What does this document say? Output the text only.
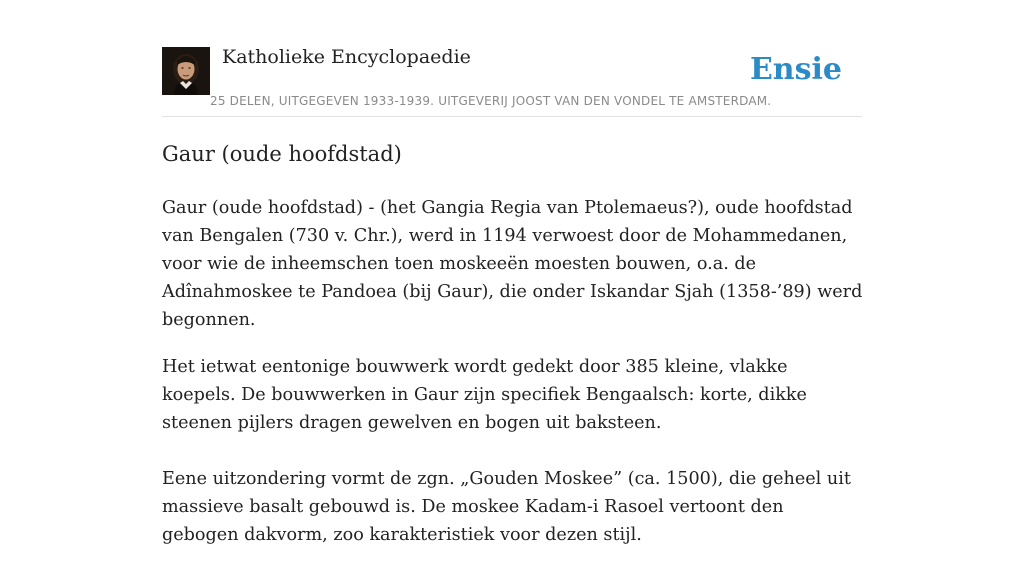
Katholieke Encyclopaedie	Ensie
25 DELEN, UITGEGEVEN 1933-1939. UITGEVERIJ JOOST VAN DEN VONDEL TE AMSTERDAM.
Gaur (oude hoofdstad)

Gaur (oude hoofdstad) - (het Gangia Regia van Ptolemaeus?), oude hoofdstad van Bengalen (730 v. Chr.), werd in 1194 verwoest door de Mohammedanen, voor wie de inheemschen toen moskeeën moesten bouwen, o.a. de Adînahmoskee te Pandoea (bij Gaur), die onder Iskandar Sjah (1358-’89) werd begonnen.

Het ietwat eentonige bouwwerk wordt gedekt door 385 kleine, vlakke koepels. De bouwwerken in Gaur zijn specifiek Bengaalsch: korte, dikke steenen pijlers dragen gewelven en bogen uit baksteen.

Eene uitzondering vormt de zgn. „Gouden Moskee” (ca. 1500), die geheel uit massieve basalt gebouwd is. De moskee Kadam-i Rasoel vertoont den gebogen dakvorm, zoo karakteristiek voor dezen stijl.
